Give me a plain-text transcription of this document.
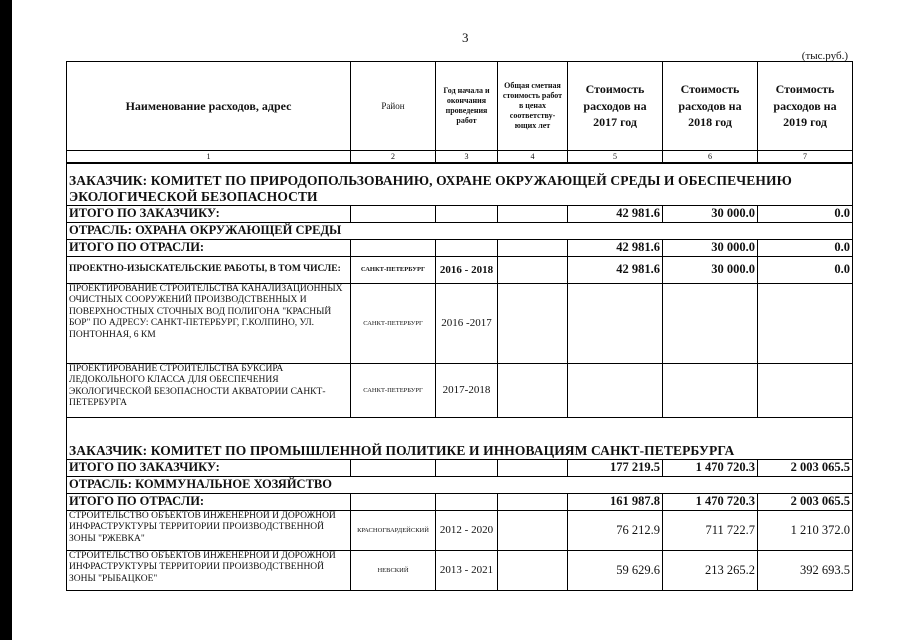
3
(тыс.руб.)
Наименование расходов, адрес	Район	Год начала и окончания проведения работ	Общая сметная стоимость работ в ценах соответству-ющих лет	Стоимость расходов на 2017 год	Стоимость расходов на 2018 год	Стоимость расходов на 2019 год
1	2	3	4	5	6	7
ЗАКАЗЧИК: КОМИТЕТ ПО ПРИРОДОПОЛЬЗОВАНИЮ, ОХРАНЕ ОКРУЖАЮЩЕЙ СРЕДЫ И ОБЕСПЕЧЕНИЮ ЭКОЛОГИЧЕСКОЙ БЕЗОПАСНОСТИ						
ИТОГО ПО ЗАКАЗЧИКУ:				42 981.6	30 000.0	0.0
ОТРАСЛЬ: ОХРАНА ОКРУЖАЮЩЕЙ СРЕДЫ						
ИТОГО ПО ОТРАСЛИ:				42 981.6	30 000.0	0.0
ПРОЕКТНО-ИЗЫСКАТЕЛЬСКИЕ РАБОТЫ, В ТОМ ЧИСЛЕ:	САНКТ-ПЕТЕРБУРГ	2016 - 2018		42 981.6	30 000.0	0.0
ПРОЕКТИРОВАНИЕ СТРОИТЕЛЬСТВА КАНАЛИЗАЦИОННЫХ ОЧИСТНЫХ СООРУЖЕНИЙ ПРОИЗВОДСТВЕННЫХ И ПОВЕРХНОСТНЫХ СТОЧНЫХ ВОД ПОЛИГОНА "КРАСНЫЙ БОР" ПО АДРЕСУ: САНКТ-ПЕТЕРБУРГ, Г.КОЛПИНО, УЛ. ПОНТОННАЯ, 6 КМ	САНКТ-ПЕТЕРБУРГ	2016 -2017				
ПРОЕКТИРОВАНИЕ СТРОИТЕЛЬСТВА БУКСИРА ЛЕДОКОЛЬНОГО КЛАССА ДЛЯ ОБЕСПЕЧЕНИЯ ЭКОЛОГИЧЕСКОЙ БЕЗОПАСНОСТИ АКВАТОРИИ САНКТ-ПЕТЕРБУРГА	САНКТ-ПЕТЕРБУРГ	2017-2018				
ЗАКАЗЧИК: КОМИТЕТ ПО ПРОМЫШЛЕННОЙ ПОЛИТИКЕ И ИННОВАЦИЯМ САНКТ-ПЕТЕРБУРГА						
ИТОГО ПО ЗАКАЗЧИКУ:				177 219.5	1 470 720.3	2 003 065.5
ОТРАСЛЬ: КОММУНАЛЬНОЕ ХОЗЯЙСТВО						
ИТОГО ПО ОТРАСЛИ:				161 987.8	1 470 720.3	2 003 065.5
СТРОИТЕЛЬСТВО ОБЪЕКТОВ ИНЖЕНЕРНОЙ И ДОРОЖНОЙ ИНФРАСТРУКТУРЫ ТЕРРИТОРИИ ПРОИЗВОДСТВЕННОЙ ЗОНЫ "РЖЕВКА"	КРАСНОГВАРДЕЙСКИЙ	2012 - 2020		76 212.9	711 722.7	1 210 372.0
СТРОИТЕЛЬСТВО ОБЪЕКТОВ ИНЖЕНЕРНОЙ И ДОРОЖНОЙ ИНФРАСТРУКТУРЫ ТЕРРИТОРИИ ПРОИЗВОДСТВЕННОЙ ЗОНЫ "РЫБАЦКОЕ"	НЕВСКИЙ	2013 - 2021		59 629.6	213 265.2	392 693.5
